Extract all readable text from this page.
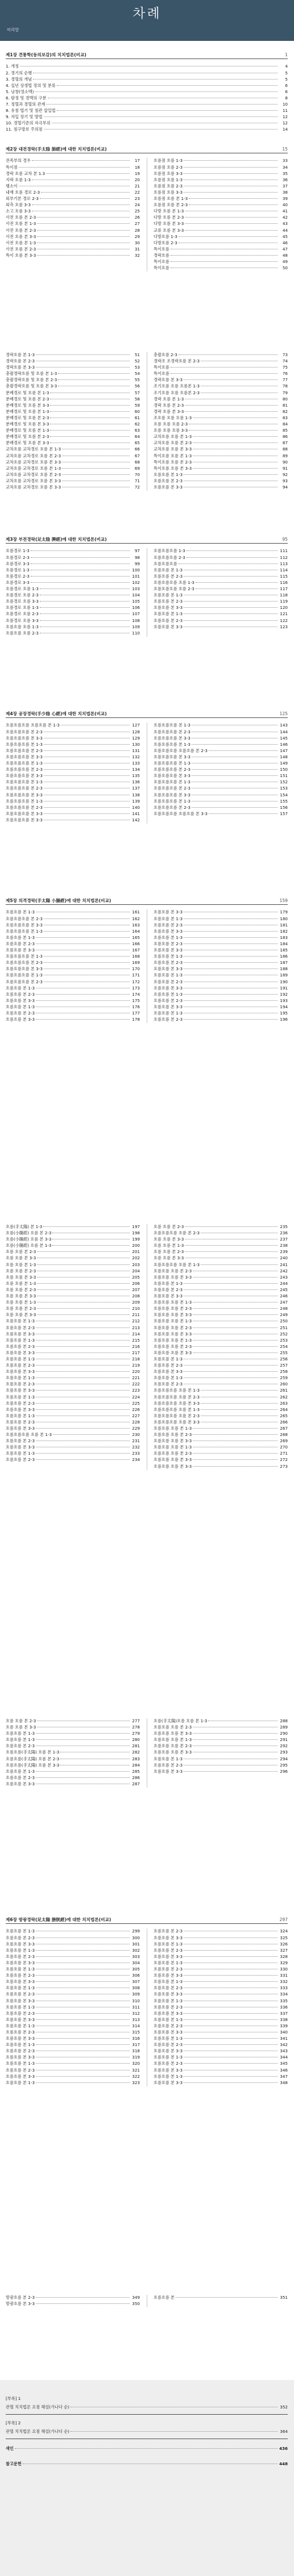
차례
머리말
제1장 견통학(동의보감)의 치치법론(비교)	1
1. 개정	4
2. 경기의 순행	5
3. 경혈의 개념	5
4. 십년 상생법 정의 및 분류	6
5. 낭창(영소맥)	6
6. 팔정 및 경맥의 구분	8
7. 정혈과 경혈의 관계	10
8. 유침 법기 및 침관 삽입법	11
9. 자입 장기 및 방법	12
10. 경혈기준의 자극부위	12
11. 침구방보 주의점	14
제2장 대전경락(手太陰 肺經)에 대한 치치법론(비교)	15
전족부의 경우	17
특이점	18
경락 흐름 교차 본 1.3	19
지락 흐름 1-3	20
팽소이	21
내재 흐름 경로 2-3	22
외부기본 경로 2-3	23
외측 흐름 3-3	24
소고 흐름 3-3	25
사전 흐름 본 2-3	26
사전 흐름 본 1-3	27
사전 흐름 본 2-3	28
사전 흐름 본 3-3	29
사전 흐름 본 1-3	30
사전 흐름 본 2-3	31
특이 흐름 본 3-3	32
흐름점 흐름 1-3	33
흐름점 흐름 2-3	34
흐름점 흐름 3-3	35
흐름점 흐름 1-3	36
흐름점 흐름 2-3	37
흐름점 흐름 3-3	38
흐름점 흐름 본 1-3	39
흐름점 흐름 본 2-3	40
다방 흐름 본 1-3	41
다방 흐름 본 2-3	42
다방 흐름 본 3-3	43
교류 흐름 본 3-3	44
다방흐름 1-3	45
다방흐름 2-3	46
특이흐름	47
경락흐름	48
특이흐름	49
특이흐름	50
경락흐름 본 1-3	51
경락흐름 본 2-3	52
경락흐름 본 3-3	53
총괄경락흐름 및 흐름 본 1-3	54
총괄경락흐름 및 흐름 본 2-3	55
총괄경락흐름 및 흐름 본 3-3	56
분배경로 및 흐름 본 1-3	57
분배경로 및 흐름 본 2-3	58
분배경로 및 흐름 본 3-3	59
분배경로 및 흐름 본 1-3	60
분배경로 및 흐름 본 2-3	61
분배경로 및 흐름 본 3-3	62
분배경로 및 흐름 본 1-3	63
분배경로 및 흐름 본 2-3	64
분배경로 및 흐름 본 3-3	65
교차흐름 교차경로 흐름 본 1-3	66
교차흐름 교차경로 흐름 본 2-3	67
교차흐름 교차경로 흐름 본 3-3	68
교차흐름 교차경로 흐름 본 1-3	69
교차흐름 교차경로 흐름 본 2-3	70
교차흐름 교차경로 흐름 본 3-3	71
교차흐름 교차경로 흐름 본 3-3	72
총괄흐름 2-3	73
경락조 조경락흐름 본 2-3	74
특이흐름	75
특이흐름	76
경락흐름 본 3-3	77
조기흐름 흐름 흐름본 1-3	78
조기흐름 흐름 흐름본 2-3	79
경락 흐름 본 1-3	80
경락 흐름 본 2-3	81
경락 흐름 본 3-3	82
조흐름 흐름 흐름 1-3	83
흐름 흐름 흐름 2-3	84
흐름 흐름 흐름 3-3	85
교차흐름 흐름 본 1-3	86
교차흐름 흐름 본 2-3	87
교차흐름 흐름 본 3-3	88
특이흐름 흐름 본 1-3	89
특이흐름 흐름 본 2-3	90
특이흐름 흐름 본 3-3	91
흐름흐름 본 1-3	92
흐름흐름 본 2-3	93
흐름흐름 본 3-3	94
제3장 부전경락(足太陰 脾經)에 대한 치치법론(비교)	95
흐름경로 1-3	97
흐름경로 2-3	98
흐름경로 3-3	99
흐름경로 1-3	100
흐름경로 2-3	101
흐름경로 3-3	102
흐름경로 흐름 1-3	103
흐름경로 흐름 2-3	104
흐름경로 흐름 3-3	105
흐름경로 흐름 1-3	106
흐름경로 흐름 2-3	107
흐름경로 흐름 3-3	108
흐름흐름 흐름 1-3	109
흐름흐름 흐름 2-3	110
흐름흐름흐름 1-3	111
흐름흐름흐름 2-3	112
흐름흐름흐름	113
흐름흐름 본 1-3	114
흐름흐름 본 2-3	115
흐름흐름흐름 흐름 1-3	116
흐름흐름흐름 흐름 2-3	117
흐름흐름 본 1-3	118
흐름흐름 본 2-3	119
흐름흐름 본 3-3	120
흐름흐름 본 1-3	121
흐름흐름 본 2-3	122
흐름흐름 본 3-3	123
제4장 공장경락(手少陰 心經)에 대한 치치법론(비교)	125
흐름흐름흐름 흐름흐름 본 1-3	127
흐름흐름흐름 본 2-3	128
흐름흐름흐름 본 3-3	129
흐름흐름흐름 본 1-3	130
흐름흐름흐름 본 2-3	131
흐름흐름흐름 본 3-3	132
흐름흐름흐름 본 1-3	133
흐름흐름흐름 본 2-3	134
흐름흐름흐름 본 3-3	135
흐름흐름흐름 본 1-3	136
흐름흐름흐름 본 2-3	137
흐름흐름흐름 본 3-3	138
흐름흐름흐름 본 1-3	139
흐름흐름흐름 본 2-3	140
흐름흐름흐름 본 3-3	141
흐름흐름흐름 본 3-3	142
흐름흐름흐름 본 1-3	143
흐름흐름흐름 본 2-3	144
흐름흐름흐름 본 3-3	145
흐름흐름흐름 본 1-3	146
흐름흐름흐름 흐름흐름 본 2-3	147
흐름흐름흐름 본 3-3	148
흐름흐름흐름 본 1-3	149
흐름흐름흐름 본 2-3	150
흐름흐름흐름 본 3-3	151
흐름흐름흐름 본 1-3	152
흐름흐름흐름 본 2-3	153
흐름흐름흐름 본 3-3	154
흐름흐름흐름 본 1-3	155
흐름흐름흐름 본 2-3	156
흐름흐름흐름 흐름흐름 본 3-3	157
제5장 의격경락(手太陽 小腸經)에 대한 치치법론(비교)	159
흐름흐름 본 1-3	161
흐름흐름흐름 본 2-3	162
흐름흐름흐름 본 3-3	163
흐름흐름흐름 본 1-3	164
흐름흐름 본 1-3	165
흐름흐름 본 2-3	166
흐름흐름 본 3-3	167
흐름흐름흐름 본 1-3	168
흐름흐름흐름 본 2-3	169
흐름흐름흐름 본 3-3	170
흐름흐름흐름 본 1-3	171
흐름흐름흐름 본 2-3	172
흐름흐름 본 1-3	173
흐름흐름 본 2-3	174
흐름흐름 본 3-3	175
흐름흐름 본 1-3	176
흐름흐름 본 2-3	177
흐름흐름 본 3-3	178
흐름흐름 본 3-3	179
흐름흐름 본 1-3	180
흐름흐름 본 2-3	181
흐름흐름 본 3-3	182
흐름흐름 본 1-3	183
흐름흐름 본 2-3	184
흐름흐름 본 3-3	185
흐름흐름 본 1-3	186
흐름흐름 본 2-3	187
흐름흐름 본 3-3	188
흐름흐름 본 1-3	189
흐름흐름 본 2-3	190
흐름흐름 본 3-3	191
흐름흐름 본 1-3	192
흐름흐름 본 2-3	193
흐름흐름 본 3-3	194
흐름흐름 본 1-3	195
흐름흐름 본 2-3	196
흐름(手太陽) 본 1-3	197
흐름(小腸經) 흐름 본 2-3	198
흐름(小腸經) 흐름 본 3-3	199
흐름(小腸經) 흐름 본 1-3	200
흐름 흐름 본 2-3	201
흐름 흐름 본 3-3	202
흐름 흐름 본 1-3	203
흐름 흐름 본 2-3	204
흐름 흐름 본 3-3	205
흐름 흐름 본 1-3	206
흐름 흐름 본 2-3	207
흐름 흐름 본 3-3	208
흐름 흐름 본 1-3	209
흐름 흐름 본 2-3	210
흐름 흐름 본 3-3	211
흐름흐름 본 1-3	212
흐름흐름 본 2-3	213
흐름흐름 본 3-3	214
흐름흐름 본 1-3	215
흐름흐름 본 2-3	216
흐름흐름 본 3-3	217
흐름흐름 본 1-3	218
흐름흐름 본 2-3	219
흐름흐름 본 3-3	220
흐름흐름 본 1-3	221
흐름흐름 본 2-3	222
흐름흐름 본 3-3	223
흐름흐름 본 1-3	224
흐름흐름 본 2-3	225
흐름흐름 본 3-3	226
흐름흐름 본 1-3	227
흐름흐름 본 2-3	228
흐름흐름 본 3-3	229
흐름흐름흐름 흐름 본 1-3	230
흐름흐름 본 2-3	231
흐름흐름 본 3-3	232
흐름흐름 본 1-3	233
흐름흐름 본 2-3	234
흐름 흐름 본 2-3	235
흐름흐름흐름 흐름 본 2-3	236
흐름 흐름 본 3-3	237
흐름 흐름 본 1-3	238
흐름 흐름 본 2-3	239
흐름 흐름 본 3-3	240
흐름흐름흐름 흐름 본 1-3	241
흐름흐름 흐름 본 2-3	242
흐름흐름 흐름 본 3-3	243
흐름흐름 본 1-3	244
흐름흐름 본 2-3	245
흐름흐름 본 3-3	246
흐름흐름 흐름 본 1-3	247
흐름흐름 흐름 본 2-3	248
흐름흐름 흐름 본 3-3	249
흐름흐름 흐름 본 1-3	250
흐름흐름 흐름 본 2-3	251
흐름흐름 흐름 본 3-3	252
흐름흐름 흐름 본 1-3	253
흐름흐름 흐름 본 2-3	254
흐름흐름 흐름 본 3-3	255
흐름흐름 본 1-3	256
흐름흐름 본 2-3	257
흐름흐름 본 3-3	258
흐름흐름 본 1-3	259
흐름흐름 본 2-3	260
흐름흐름흐름 흐름 본 1-3	261
흐름흐름흐름 흐름 본 2-3	262
흐름흐름흐름 흐름 본 3-3	263
흐름흐름흐름 흐름 본 1-3	264
흐름흐름흐름 흐름 본 2-3	265
흐름흐름흐름 흐름 본 3-3	266
흐름흐름 흐름 본 1-3	267
흐름흐름 흐름 본 2-3	268
흐름흐름 흐름 본 3-3	269
흐름흐름 흐름 본 1-3	270
흐름흐름 흐름 본 2-3	271
흐름흐름 흐름 본 3-3	272
흐름흐름 흐름 본 3-3	273
흐름 흐름 본 2-3	277
흐름 흐름 본 3-3	278
흐름흐름 본 1-3	279
흐름흐름 본 1-3	280
흐름흐름 본 2-3	281
흐름흐름(手太陽) 흐름 본 1-3	282
흐름흐름(手太陽) 흐름 본 2-3	283
흐름흐름(手太陽) 흐름 본 3-3	284
흐름흐름 본 1-3	285
흐름흐름 본 2-3	286
흐름흐름 본 3-3	287
흐름(手太陽)흐름 흐름 본 1-3	288
흐름흐름 흐름 본 2-3	289
흐름흐름 흐름 본 3-3	290
흐름흐름 흐름 본 1-3	291
흐름흐름 흐름 본 2-3	292
흐름흐름 흐름 본 3-3	293
흐름흐름 본 1-3	294
흐름흐름 본 2-3	295
흐름흐름 본 3-3	296
제6장 방광경락(足太陽 膀胱經)에 대한 치치법론(비교)	297
흐름흐름 본 1-3	299
흐름흐름 본 2-3	300
흐름흐름 본 3-3	301
흐름흐름 본 1-3	302
흐름흐름 본 2-3	303
흐름흐름 본 3-3	304
흐름흐름 본 1-3	305
흐름흐름 본 2-3	306
흐름흐름 본 3-3	307
흐름흐름 본 1-3	308
흐름흐름 본 2-3	309
흐름흐름 본 3-3	310
흐름흐름 본 1-3	311
흐름흐름 본 2-3	312
흐름흐름 본 3-3	313
흐름흐름 본 1-3	314
흐름흐름 본 2-3	315
흐름흐름 본 3-3	316
흐름흐름 본 1-3	317
흐름흐름 본 2-3	318
흐름흐름 본 3-3	319
흐름흐름 본 1-3	320
흐름흐름 본 2-3	321
흐름흐름 본 3-3	322
흐름흐름 본 1-3	323
흐름흐름 본 2-3	324
흐름흐름 본 3-3	325
흐름흐름 본 1-3	326
흐름흐름 본 2-3	327
흐름흐름 본 3-3	328
흐름흐름 본 1-3	329
흐름흐름 본 2-3	330
흐름흐름 본 3-3	331
흐름흐름 본 1-3	332
흐름흐름 본 2-3	333
흐름흐름 본 3-3	334
흐름흐름 본 1-3	335
흐름흐름 본 2-3	336
흐름흐름 본 3-3	337
흐름흐름 본 1-3	338
흐름흐름 본 2-3	339
흐름흐름 본 3-3	340
흐름흐름 본 1-3	341
흐름흐름 본 2-3	342
흐름흐름 본 3-3	343
흐름흐름 본 1-3	344
흐름흐름 본 2-3	345
흐름흐름 본 3-3	346
흐름흐름 본 1-3	347
흐름흐름 본 3-3	348
방광흐름 본 2-3	349
방광흐름 본 3-3	350
흐름흐름 본	351
[부록] 1
관혈 치치법론 요점 해설(가나다 순)	352
[부록] 2
관혈 치치법론 요점 해설(가나다 순)	364
색인	436
참고문헌	448
